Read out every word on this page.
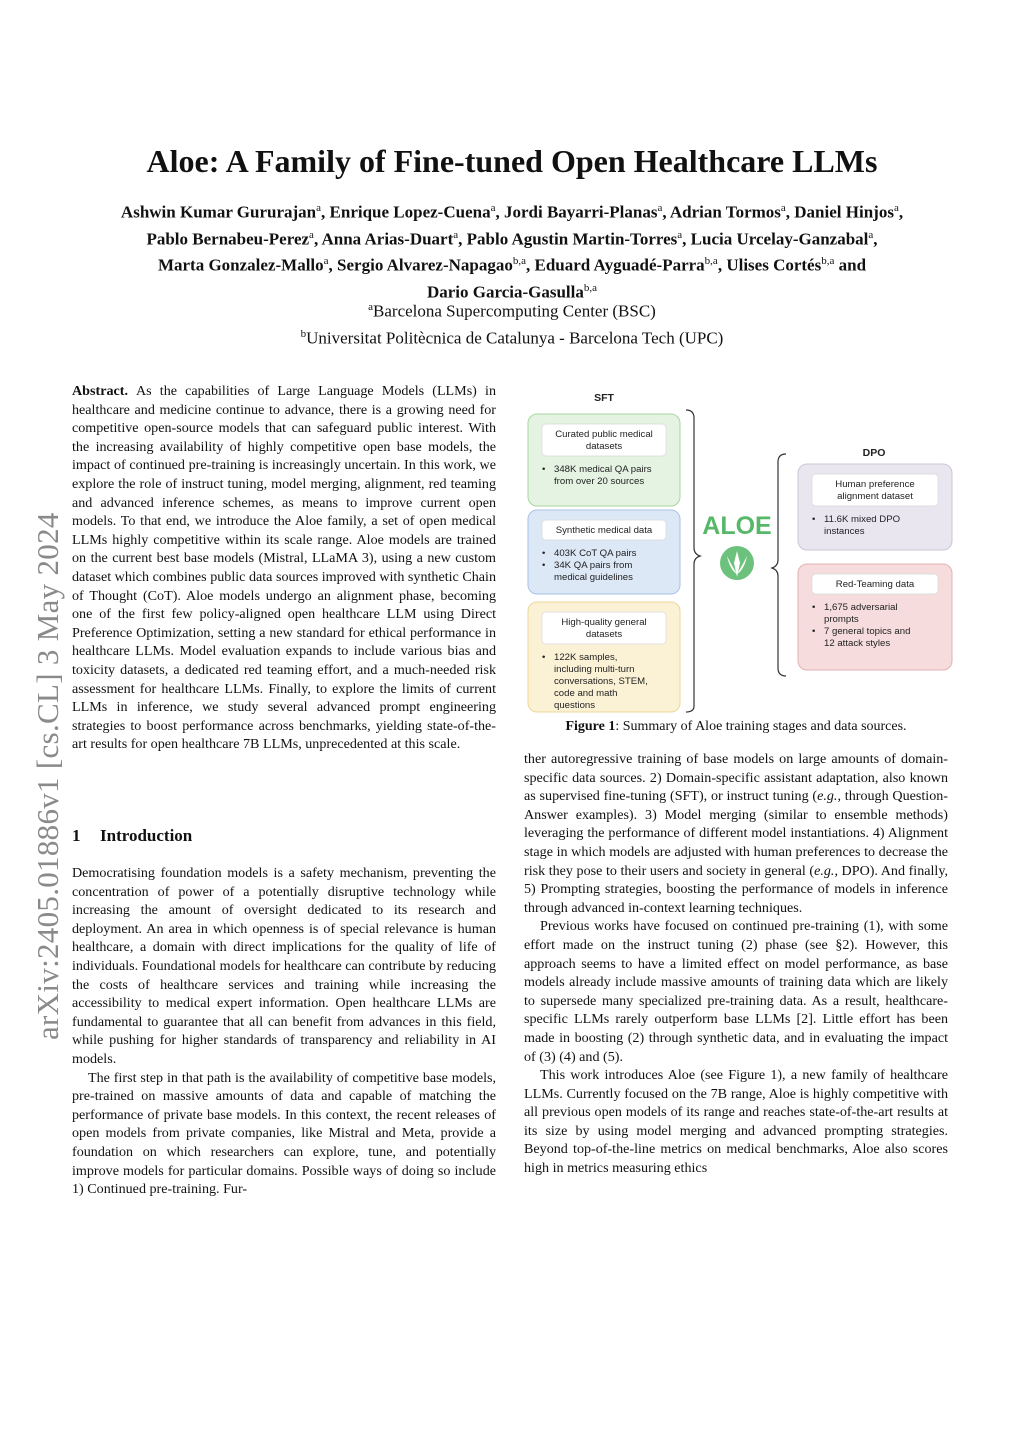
arXiv:2405.01886v1 [cs.CL] 3 May 2024
Aloe: A Family of Fine-tuned Open Healthcare LLMs
Ashwin Kumar Gururajan$^a$, Enrique Lopez-Cuena$^a$, Jordi Bayarri-Planas$^a$, Adrian Tormos$^a$, Daniel Hinjos$^a$,
Pablo Bernabeu-Perez$^a$, Anna Arias-Duart$^a$, Pablo Agustin Martin-Torres$^a$, Lucia Urcelay-Ganzabal$^a$,
Marta Gonzalez-Mallo$^a$, Sergio Alvarez-Napagao$^{b,a}$, Eduard Ayguadé-Parra$^{b,a}$, Ulises Cortés$^{b,a}$ and
Dario Garcia-Gasulla$^{b,a}$
$^a$Barcelona Supercomputing Center (BSC)
$^b$Universitat Politècnica de Catalunya - Barcelona Tech (UPC)

Abstract. As the capabilities of Large Language Models (LLMs) in healthcare and medicine continue to advance, there is a growing need for competitive open-source models that can safeguard public interest. With the increasing availability of highly competitive open base models, the impact of continued pre-training is increasingly uncertain. In this work, we explore the role of instruct tuning, model merging, alignment, red teaming and advanced inference schemes, as means to improve current open models. To that end, we introduce the Aloe family, a set of open medical LLMs highly competitive within its scale range. Aloe models are trained on the current best base models (Mistral, LLaMA 3), using a new custom dataset which combines public data sources improved with synthetic Chain of Thought (CoT). Aloe models undergo an alignment phase, becoming one of the first few policy-aligned open healthcare LLM using Direct Preference Optimization, setting a new standard for ethical performance in healthcare LLMs. Model evaluation expands to include various bias and toxicity datasets, a dedicated red teaming effort, and a much-needed risk assessment for healthcare LLMs. Finally, to explore the limits of current LLMs in inference, we study several advanced prompt engineering strategies to boost performance across benchmarks, yielding state-of-the-art results for open healthcare 7B LLMs, unprecedented at this scale.

1 Introduction

Democratising foundation models is a safety mechanism, preventing the concentration of power of a potentially disruptive technology while increasing the amount of oversight dedicated to its research and deployment. An area in which openness is of special relevance is human healthcare, a domain with direct implications for the quality of life of individuals. Foundational models for healthcare can contribute by reducing the costs of healthcare services and training while increasing the accessibility to medical expert information. Open healthcare LLMs are fundamental to guarantee that all can benefit from advances in this field, while pushing for higher standards of transparency and reliability in AI models.

The first step in that path is the availability of competitive base models, pre-trained on massive amounts of data and capable of matching the performance of private base models. In this context, the recent releases of open models from private companies, like Mistral and Meta, provide a foundation on which researchers can explore, tune, and potentially improve models for particular domains. Possible ways of doing so include 1) Continued pre-training. Fur-

SFT
Curated public medical
datasets
• 348K medical QA pairs
from over 20 sources
Synthetic medical data
• 403K CoT QA pairs
• 34K QA pairs from
medical guidelines
High-quality general
datasets
• 122K samples,
including multi-turn
conversations, STEM,
code and math
questions
ALOE
DPO
Human preference
alignment dataset
• 11.6K mixed DPO
instances
Red-Teaming data
• 1,675 adversarial
prompts
• 7 general topics and
12 attack styles
Figure 1: Summary of Aloe training stages and data sources.

ther autoregressive training of base models on large amounts of domain-specific data sources. 2) Domain-specific assistant adaptation, also known as supervised fine-tuning (SFT), or instruct tuning (e.g., through Question-Answer examples). 3) Model merging (similar to ensemble methods) leveraging the performance of different model instantiations. 4) Alignment stage in which models are adjusted with human preferences to decrease the risk they pose to their users and society in general (e.g., DPO). And finally, 5) Prompting strategies, boosting the performance of models in inference through advanced in-context learning techniques.

Previous works have focused on continued pre-training (1), with some effort made on the instruct tuning (2) phase (see §2). However, this approach seems to have a limited effect on model performance, as base models already include massive amounts of training data which are likely to supersede many specialized pre-training data. As a result, healthcare-specific LLMs rarely outperform base LLMs [2]. Little effort has been made in boosting (2) through synthetic data, and in evaluating the impact of (3) (4) and (5).

This work introduces Aloe (see Figure 1), a new family of healthcare LLMs. Currently focused on the 7B range, Aloe is highly competitive with all previous open models of its range and reaches state-of-the-art results at its size by using model merging and advanced prompting strategies. Beyond top-of-the-line metrics on medical benchmarks, Aloe also scores high in metrics measuring ethics
